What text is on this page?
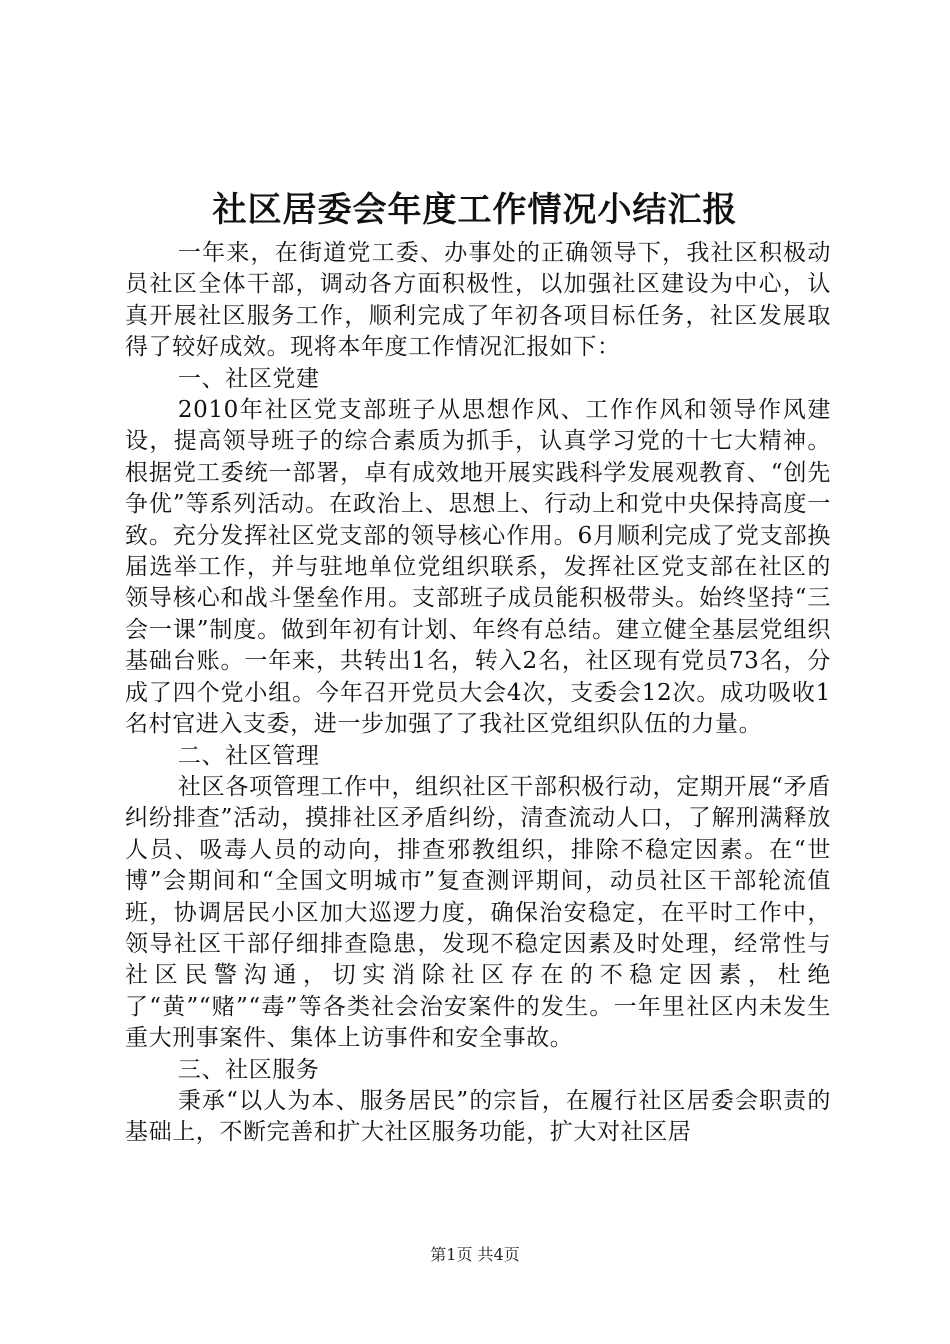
社区居委会年度工作情况小结汇报

一年来，在街道党工委、办事处的正确领导下，我社区积极动员社区全体干部，调动各方面积极性，以加强社区建设为中心，认真开展社区服务工作，顺利完成了年初各项目标任务，社区发展取得了较好成效。现将本年度工作情况汇报如下：

一、社区党建

2010年社区党支部班子从思想作风、工作作风和领导作风建设，提高领导班子的综合素质为抓手，认真学习党的十七大精神。根据党工委统一部署，卓有成效地开展实践科学发展观教育、“创先争优”等系列活动。在政治上、思想上、行动上和党中央保持高度一致。充分发挥社区党支部的领导核心作用。6月顺利完成了党支部换届选举工作，并与驻地单位党组织联系，发挥社区党支部在社区的领导核心和战斗堡垒作用。支部班子成员能积极带头。始终坚持“三会一课”制度。做到年初有计划、年终有总结。建立健全基层党组织基础台账。一年来，共转出1名，转入2名，社区现有党员73名，分成了四个党小组。今年召开党员大会4次，支委会12次。成功吸收1名村官进入支委，进一步加强了了我社区党组织队伍的力量。

二、社区管理

社区各项管理工作中，组织社区干部积极行动，定期开展“矛盾纠纷排查”活动，摸排社区矛盾纠纷，清查流动人口，了解刑满释放人员、吸毒人员的动向，排查邪教组织，排除不稳定因素。在“世博”会期间和“全国文明城市”复查测评期间，动员社区干部轮流值班，协调居民小区加大巡逻力度，确保治安稳定，在平时工作中，领导社区干部仔细排查隐患，发现不稳定因素及时处理，经常性与社区民警沟通，切实消除社区存在的不稳定因素，杜绝了“黄”“赌”“毒”等各类社会治安案件的发生。一年里社区内未发生重大刑事案件、集体上访事件和安全事故。

三、社区服务

秉承“以人为本、服务居民”的宗旨，在履行社区居委会职责的基础上，不断完善和扩大社区服务功能，扩大对社区居

第1页 共4页
